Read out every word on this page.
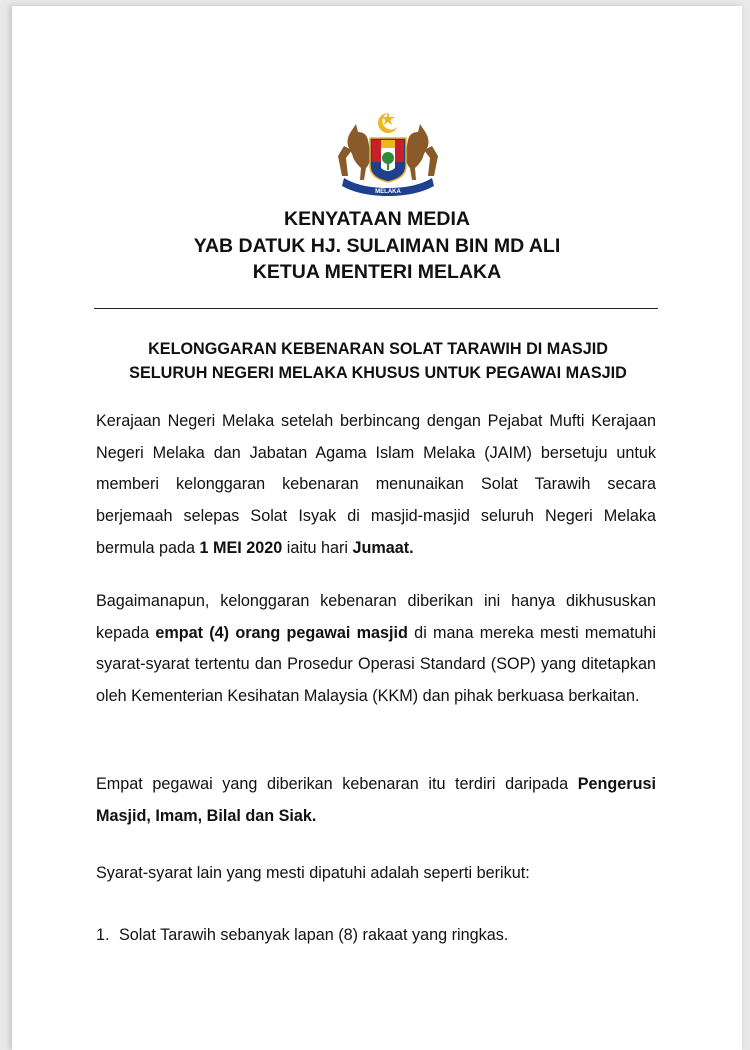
MELAKA
KENYATAAN MEDIA
YAB DATUK HJ. SULAIMAN BIN MD ALI
KETUA MENTERI MELAKA
KELONGGARAN KEBENARAN SOLAT TARAWIH DI MASJID
SELURUH NEGERI MELAKA KHUSUS UNTUK PEGAWAI MASJID

Kerajaan Negeri Melaka setelah berbincang dengan Pejabat Mufti Kerajaan Negeri Melaka dan Jabatan Agama Islam Melaka (JAIM) bersetuju untuk memberi kelonggaran kebenaran menunaikan Solat Tarawih secara berjemaah selepas Solat Isyak di masjid-masjid seluruh Negeri Melaka bermula pada 1 MEI 2020 iaitu hari Jumaat.

Bagaimanapun, kelonggaran kebenaran diberikan ini hanya dikhususkan kepada empat (4) orang pegawai masjid di mana mereka mesti mematuhi syarat-syarat tertentu dan Prosedur Operasi Standard (SOP) yang ditetapkan oleh Kementerian Kesihatan Malaysia (KKM) dan pihak berkuasa berkaitan.

Empat pegawai yang diberikan kebenaran itu terdiri daripada Pengerusi Masjid, Imam, Bilal dan Siak.

Syarat-syarat lain yang mesti dipatuhi adalah seperti berikut:

1. Solat Tarawih sebanyak lapan (8) rakaat yang ringkas.
